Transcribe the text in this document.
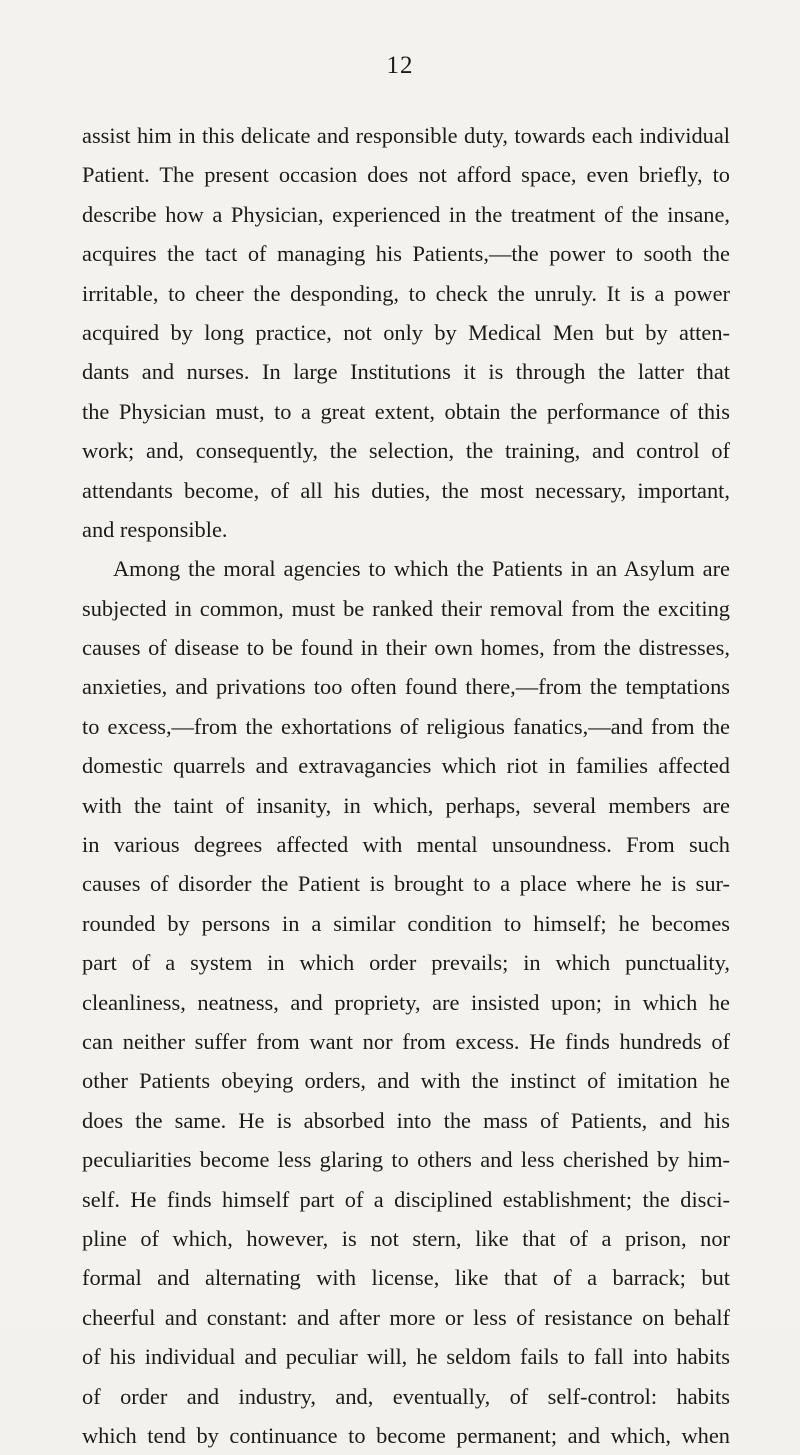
12
assist him in this delicate and responsible duty, towards each individual
Patient. The present occasion does not afford space, even briefly, to
describe how a Physician, experienced in the treatment of the insane,
acquires the tact of managing his Patients,—the power to sooth the
irritable, to cheer the desponding, to check the unruly. It is a power
acquired by long practice, not only by Medical Men but by atten-
dants and nurses. In large Institutions it is through the latter that
the Physician must, to a great extent, obtain the performance of this
work; and, consequently, the selection, the training, and control of
attendants become, of all his duties, the most necessary, important,
and responsible.
Among the moral agencies to which the Patients in an Asylum are
subjected in common, must be ranked their removal from the exciting
causes of disease to be found in their own homes, from the distresses,
anxieties, and privations too often found there,—from the temptations
to excess,—from the exhortations of religious fanatics,—and from the
domestic quarrels and extravagancies which riot in families affected
with the taint of insanity, in which, perhaps, several members are
in various degrees affected with mental unsoundness. From such
causes of disorder the Patient is brought to a place where he is sur-
rounded by persons in a similar condition to himself; he becomes
part of a system in which order prevails; in which punctuality,
cleanliness, neatness, and propriety, are insisted upon; in which he
can neither suffer from want nor from excess. He finds hundreds of
other Patients obeying orders, and with the instinct of imitation he
does the same. He is absorbed into the mass of Patients, and his
peculiarities become less glaring to others and less cherished by him-
self. He finds himself part of a disciplined establishment; the disci-
pline of which, however, is not stern, like that of a prison, nor
formal and alternating with license, like that of a barrack; but
cheerful and constant: and after more or less of resistance on behalf
of his individual and peculiar will, he seldom fails to fall into habits
of order and industry, and, eventually, of self-control: habits
which tend by continuance to become permanent; and which, when
